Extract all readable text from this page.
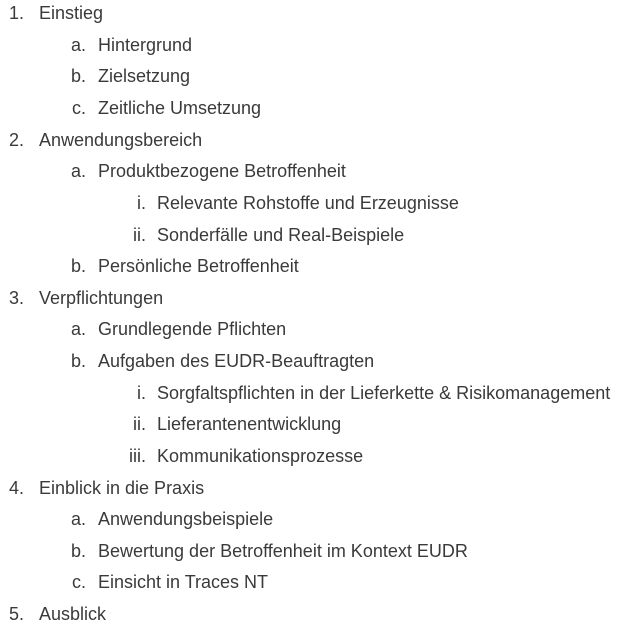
1. Einstieg
a. Hintergrund
b. Zielsetzung
c. Zeitliche Umsetzung
2. Anwendungsbereich
a. Produktbezogene Betroffenheit
i. Relevante Rohstoffe und Erzeugnisse
ii. Sonderfälle und Real-Beispiele
b. Persönliche Betroffenheit
3. Verpflichtungen
a. Grundlegende Pflichten
b. Aufgaben des EUDR-Beauftragten
i. Sorgfaltspflichten in der Lieferkette & Risikomanagement
ii. Lieferantenentwicklung
iii. Kommunikationsprozesse
4. Einblick in die Praxis
a. Anwendungsbeispiele
b. Bewertung der Betroffenheit im Kontext EUDR
c. Einsicht in Traces NT
5. Ausblick
